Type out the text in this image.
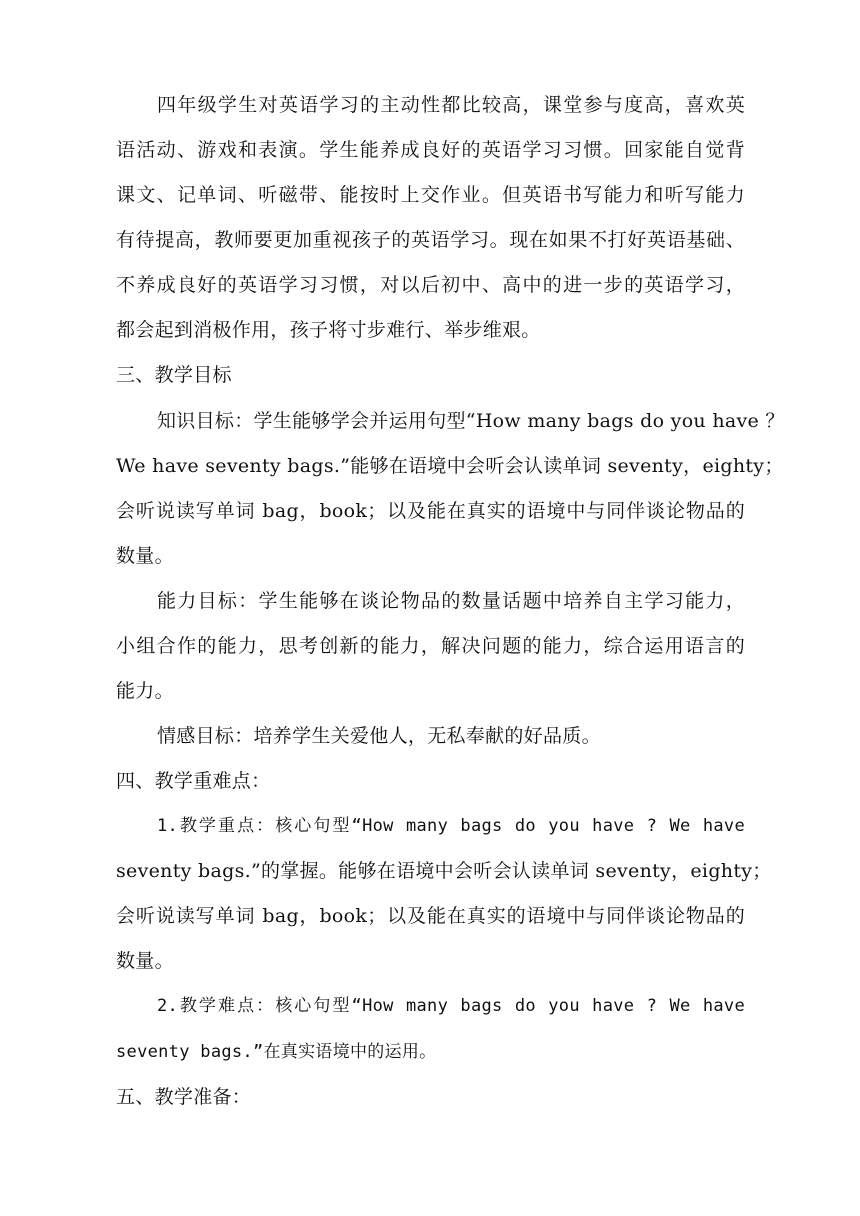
四年级学生对英语学习的主动性都比较高，课堂参与度高，喜欢英
语活动、游戏和表演。学生能养成良好的英语学习习惯。回家能自觉背
课文、记单词、听磁带、能按时上交作业。但英语书写能力和听写能力
有待提高，教师要更加重视孩子的英语学习。现在如果不打好英语基础、
不养成良好的英语学习习惯，对以后初中、高中的进一步的英语学习，
都会起到消极作用，孩子将寸步难行、举步维艰。
三、教学目标
知识目标：学生能够学会并运用句型“How many bags do you have ？
We have seventy bags.”能够在语境中会听会认读单词 seventy，eighty；
会听说读写单词 bag，book；以及能在真实的语境中与同伴谈论物品的
数量。
能力目标：学生能够在谈论物品的数量话题中培养自主学习能力，
小组合作的能力，思考创新的能力，解决问题的能力，综合运用语言的
能力。
情感目标：培养学生关爱他人，无私奉献的好品质。
四、教学重难点：
1.教学重点：核心句型“How many bags do you have ? We have
seventy bags.”的掌握。能够在语境中会听会认读单词 seventy，eighty；
会听说读写单词 bag，book；以及能在真实的语境中与同伴谈论物品的
数量。
2.教学难点：核心句型“How many bags do you have ? We have
seventy bags.”在真实语境中的运用。
五、教学准备：
